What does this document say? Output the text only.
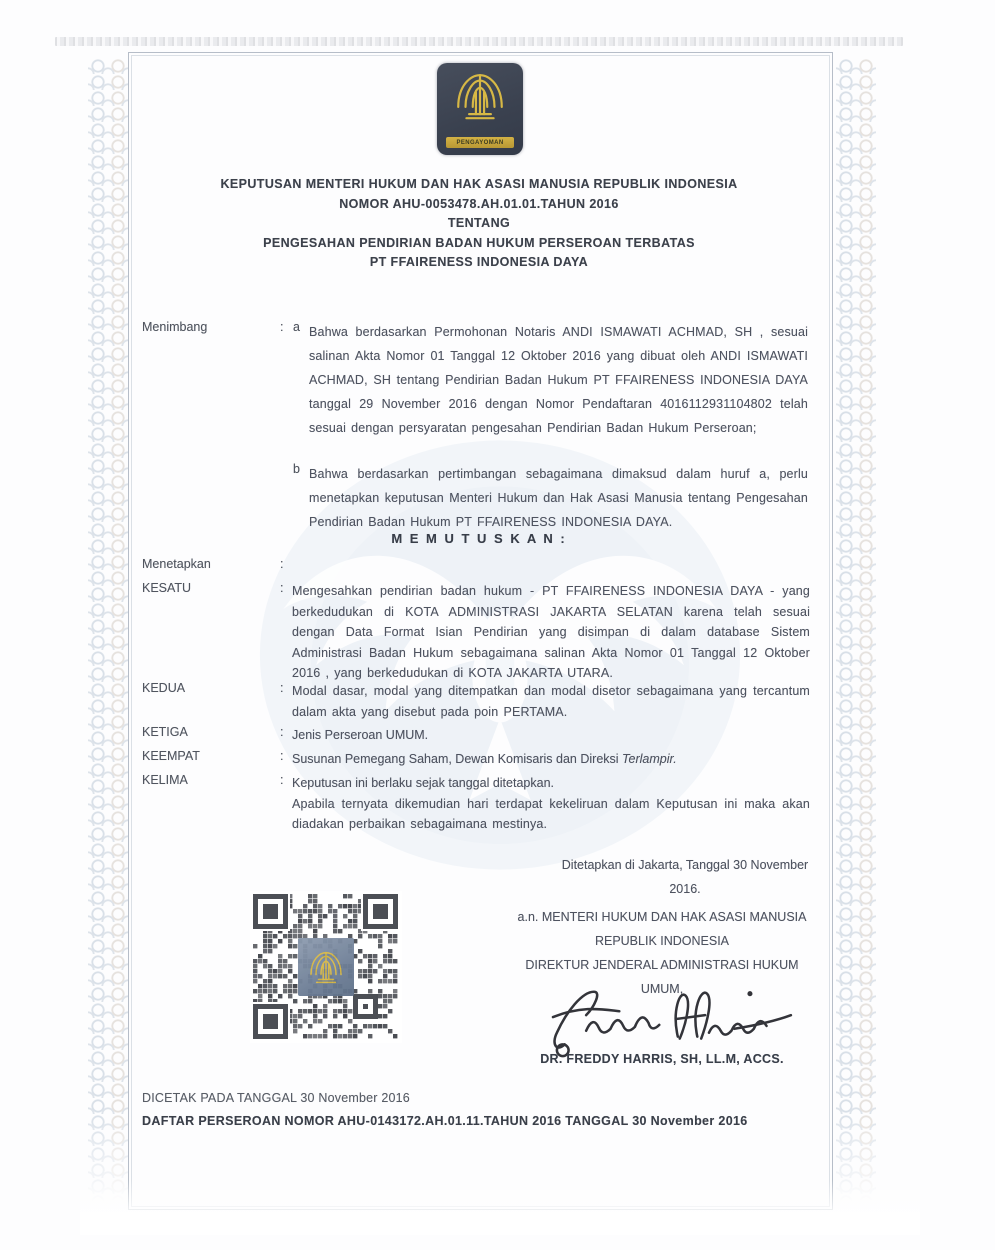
PENGAYOMAN
KEPUTUSAN MENTERI HUKUM DAN HAK ASASI MANUSIA REPUBLIK INDONESIA
NOMOR AHU-0053478.AH.01.01.TAHUN 2016
TENTANG
PENGESAHAN PENDIRIAN BADAN HUKUM PERSEROAN TERBATAS
PT FFAIRENESS INDONESIA DAYA
Menimbang	: a Bahwa berdasarkan Permohonan Notaris ANDI ISMAWATI ACHMAD, SH , sesuai salinan Akta Nomor 01 Tanggal 12 Oktober 2016 yang dibuat oleh ANDI ISMAWATI ACHMAD, SH tentang Pendirian Badan Hukum PT FFAIRENESS INDONESIA DAYA tanggal 29 November 2016 dengan Nomor Pendaftaran 4016112931104802 telah sesuai dengan persyaratan pengesahan Pendirian Badan Hukum Perseroan;
b Bahwa berdasarkan pertimbangan sebagaimana dimaksud dalam huruf a, perlu menetapkan keputusan Menteri Hukum dan Hak Asasi Manusia tentang Pengesahan Pendirian Badan Hukum PT FFAIRENESS INDONESIA DAYA.
M E M U T U S K A N :
Menetapkan	:
KESATU	: Mengesahkan pendirian badan hukum - PT FFAIRENESS INDONESIA DAYA - yang berkedudukan di KOTA ADMINISTRASI JAKARTA SELATAN karena telah sesuai dengan Data Format Isian Pendirian yang disimpan di dalam database Sistem Administrasi Badan Hukum sebagaimana salinan Akta Nomor 01 Tanggal 12 Oktober 2016 , yang berkedudukan di KOTA JAKARTA UTARA.
KEDUA	: Modal dasar, modal yang ditempatkan dan modal disetor sebagaimana yang tercantum dalam akta yang disebut pada poin PERTAMA.
KETIGA	: Jenis Perseroan UMUM.
KEEMPAT	: Susunan Pemegang Saham, Dewan Komisaris dan Direksi Terlampir.
KELIMA	: Keputusan ini berlaku sejak tanggal ditetapkan.
Apabila ternyata dikemudian hari terdapat kekeliruan dalam Keputusan ini maka akan diadakan perbaikan sebagaimana mestinya.
Ditetapkan di Jakarta, Tanggal 30 November
2016.
a.n. MENTERI HUKUM DAN HAK ASASI MANUSIA
REPUBLIK INDONESIA
DIREKTUR JENDERAL ADMINISTRASI HUKUM
UMUM,
DR. FREDDY HARRIS, SH, LL.M, ACCS.
DICETAK PADA TANGGAL 30 November 2016
DAFTAR PERSEROAN NOMOR AHU-0143172.AH.01.11.TAHUN 2016 TANGGAL 30 November 2016
